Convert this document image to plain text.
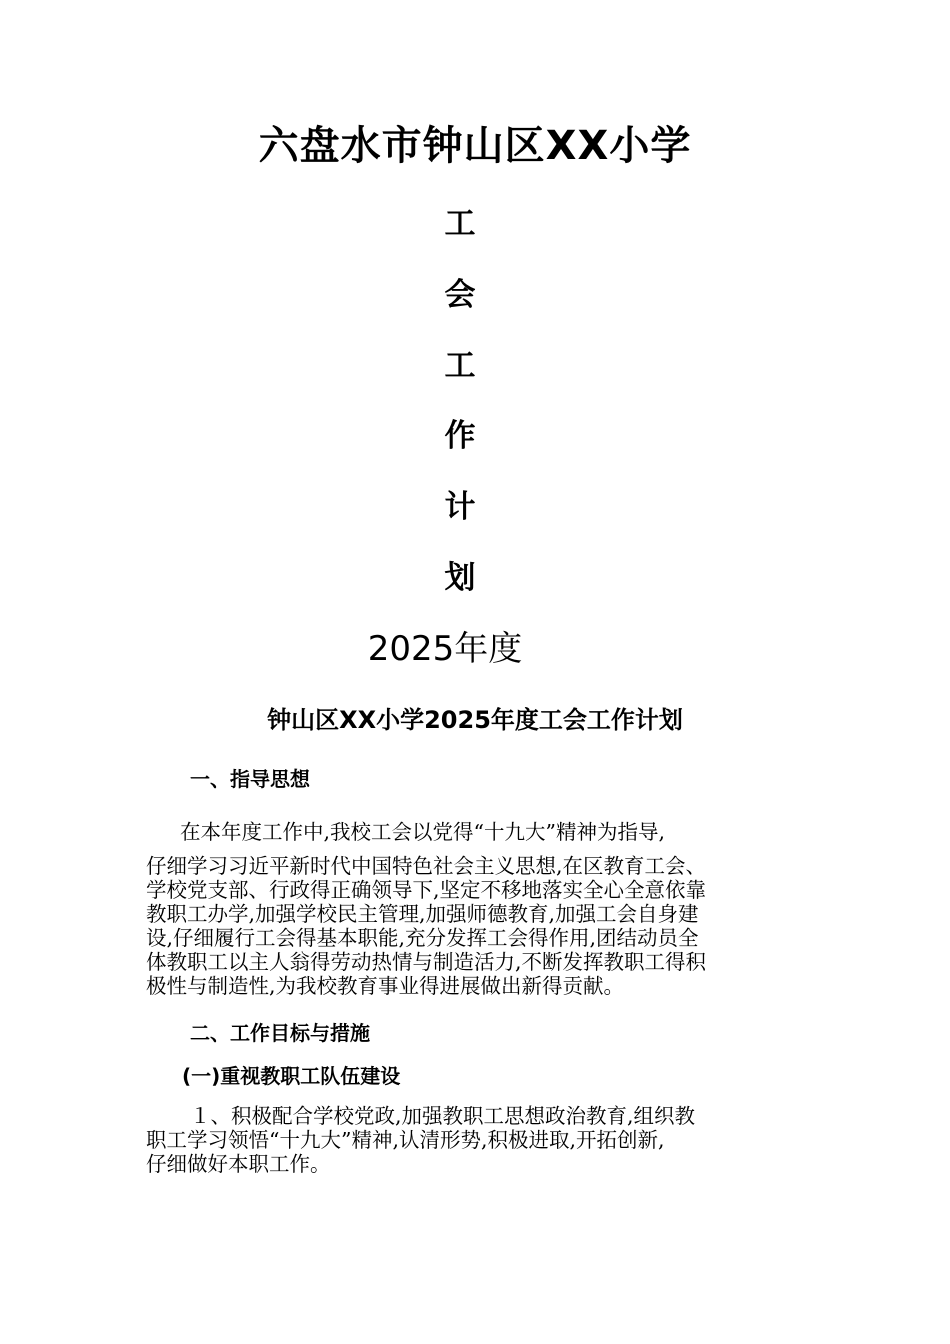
六盘水市钟山区XX小学
工
会
工
作
计
划
2025年度
钟山区XX小学2025年度工会工作计划
一、指导思想
在本年度工作中,我校工会以党得“十九大”精神为指导,
仔细学习习近平新时代中国特色社会主义思想,在区教育工会、
学校党支部、行政得正确领导下,坚定不移地落实全心全意依靠
教职工办学,加强学校民主管理,加强师德教育,加强工会自身建
设,仔细履行工会得基本职能,充分发挥工会得作用,团结动员全
体教职工以主人翁得劳动热情与制造活力,不断发挥教职工得积
极性与制造性,为我校教育事业得进展做出新得贡献。
二、工作目标与措施
(一)重视教职工队伍建设
１、积极配合学校党政,加强教职工思想政治教育,组织教
职工学习领悟“十九大”精神,认清形势,积极进取,开拓创新,
仔细做好本职工作。
